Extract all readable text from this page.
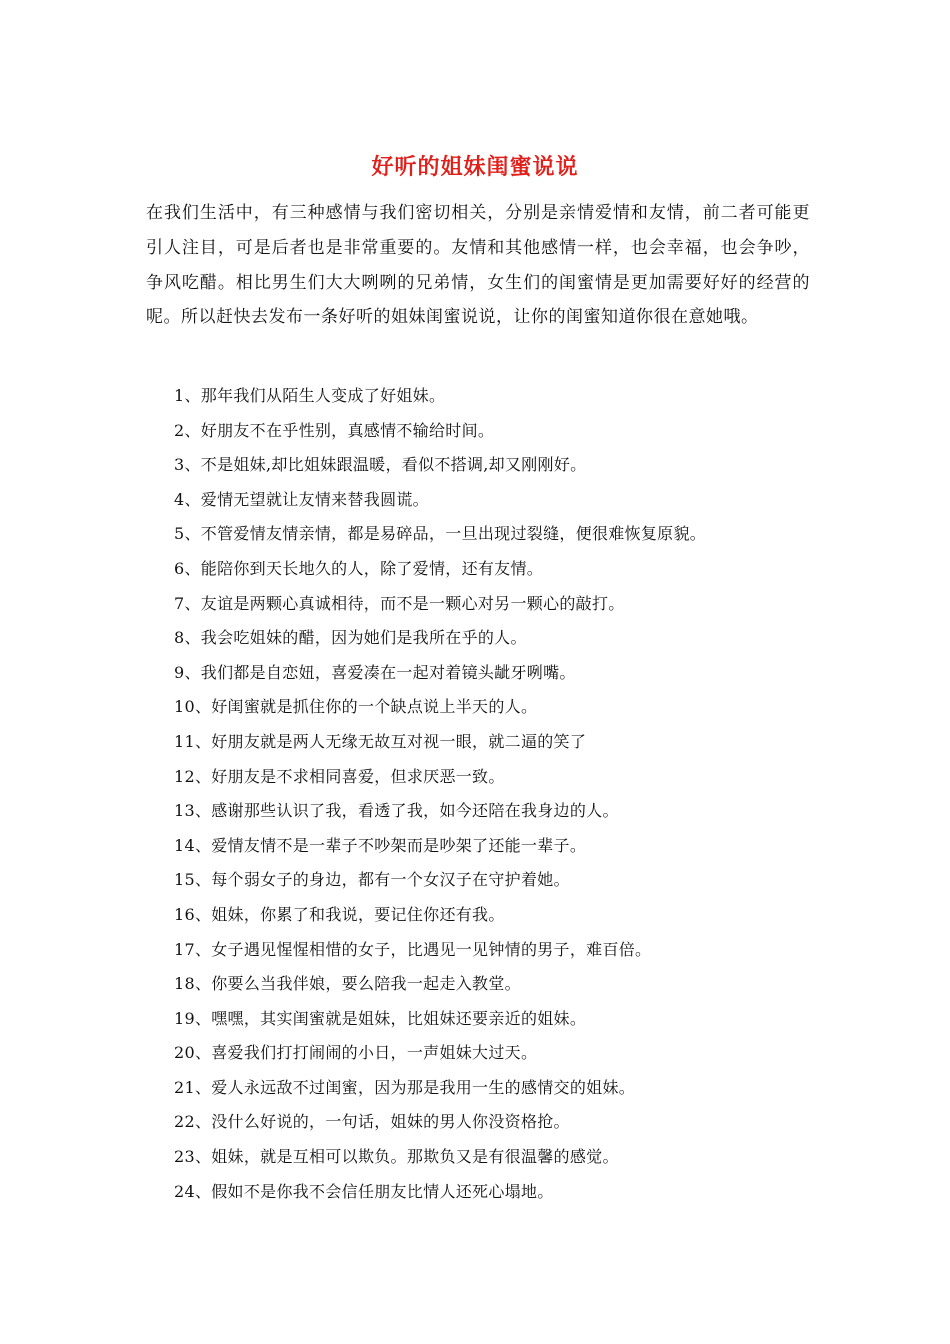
好听的姐妹闺蜜说说

在我们生活中，有三种感情与我们密切相关，分别是亲情爱情和友情，前二者可能更引人注目，可是后者也是非常重要的。友情和其他感情一样，也会幸福，也会争吵，争风吃醋。相比男生们大大咧咧的兄弟情，女生们的闺蜜情是更加需要好好的经营的呢。所以赶快去发布一条好听的姐妹闺蜜说说，让你的闺蜜知道你很在意她哦。

1、那年我们从陌生人变成了好姐妹。
2、好朋友不在乎性别，真感情不输给时间。
3、不是姐妹,却比姐妹跟温暖，看似不搭调,却又刚刚好。
4、爱情无望就让友情来替我圆谎。
5、不管爱情友情亲情，都是易碎品，一旦出现过裂缝，便很难恢复原貌。
6、能陪你到天长地久的人，除了爱情，还有友情。
7、友谊是两颗心真诚相待，而不是一颗心对另一颗心的敲打。
8、我会吃姐妹的醋，因为她们是我所在乎的人。
9、我们都是自恋妞，喜爱凑在一起对着镜头龇牙咧嘴。
10、好闺蜜就是抓住你的一个缺点说上半天的人。
11、好朋友就是两人无缘无故互对视一眼，就二逼的笑了
12、好朋友是不求相同喜爱，但求厌恶一致。
13、感谢那些认识了我，看透了我，如今还陪在我身边的人。
14、爱情友情不是一辈子不吵架而是吵架了还能一辈子。
15、每个弱女子的身边，都有一个女汉子在守护着她。
16、姐妹，你累了和我说，要记住你还有我。
17、女子遇见惺惺相惜的女子，比遇见一见钟情的男子，难百倍。
18、你要么当我伴娘，要么陪我一起走入教堂。
19、嘿嘿，其实闺蜜就是姐妹，比姐妹还要亲近的姐妹。
20、喜爱我们打打闹闹的小日，一声姐妹大过天。
21、爱人永远敌不过闺蜜，因为那是我用一生的感情交的姐妹。
22、没什么好说的，一句话，姐妹的男人你没资格抢。
23、姐妹，就是互相可以欺负。那欺负又是有很温馨的感觉。
24、假如不是你我不会信任朋友比情人还死心塌地。
